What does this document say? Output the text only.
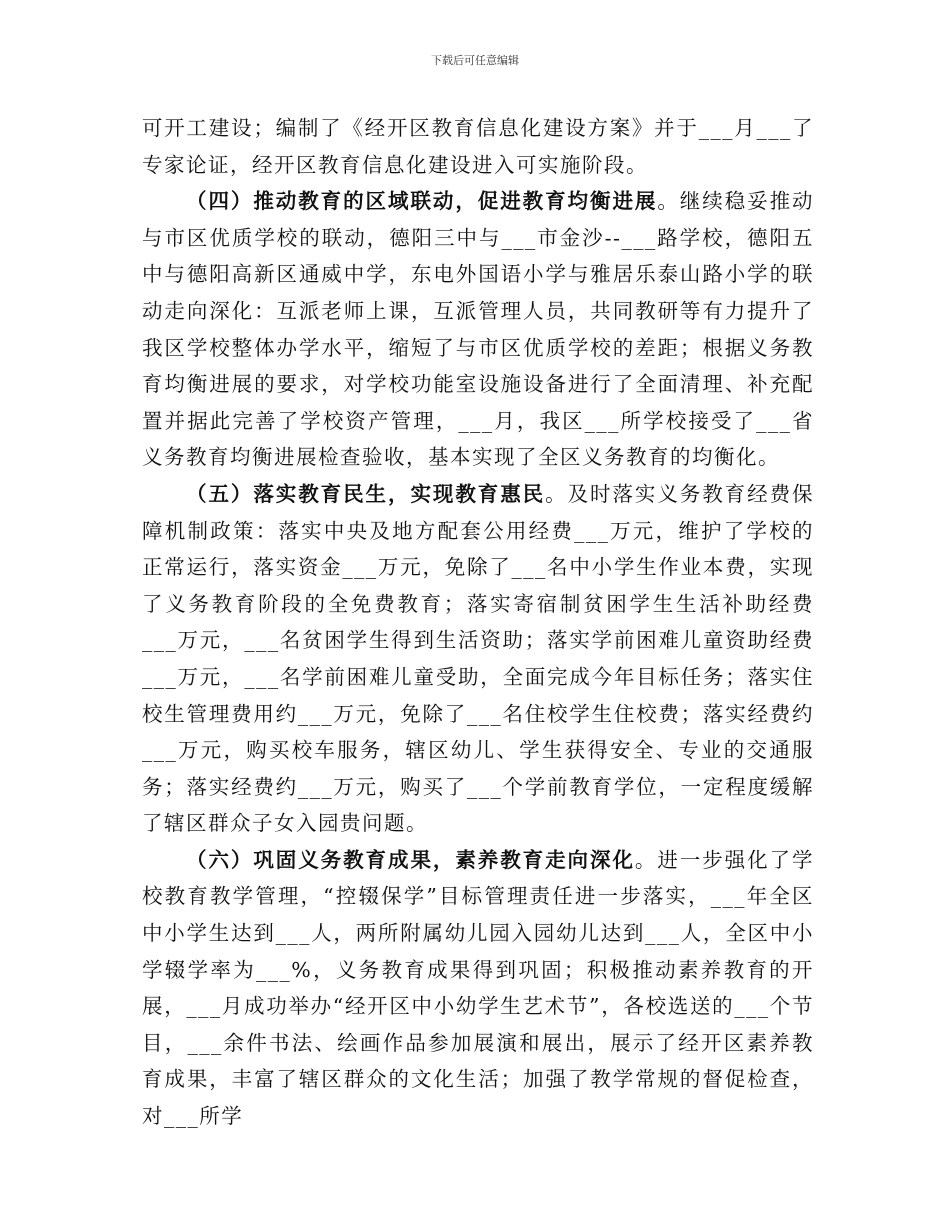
下载后可任意编辑

可开工建设；编制了《经开区教育信息化建设方案》并于___月___了专家论证，经开区教育信息化建设进入可实施阶段。

（四）推动教育的区域联动，促进教育均衡进展。继续稳妥推动与市区优质学校的联动，德阳三中与___市金沙--___路学校，德阳五中与德阳高新区通威中学，东电外国语小学与雅居乐泰山路小学的联动走向深化：互派老师上课，互派管理人员，共同教研等有力提升了我区学校整体办学水平，缩短了与市区优质学校的差距；根据义务教育均衡进展的要求，对学校功能室设施设备进行了全面清理、补充配置并据此完善了学校资产管理，___月，我区___所学校接受了___省义务教育均衡进展检查验收，基本实现了全区义务教育的均衡化。

（五）落实教育民生，实现教育惠民。及时落实义务教育经费保障机制政策：落实中央及地方配套公用经费___万元，维护了学校的正常运行，落实资金___万元，免除了___名中小学生作业本费，实现了义务教育阶段的全免费教育；落实寄宿制贫困学生生活补助经费___万元，___名贫困学生得到生活资助；落实学前困难儿童资助经费___万元，___名学前困难儿童受助，全面完成今年目标任务；落实住校生管理费用约___万元，免除了___名住校学生住校费；落实经费约___万元，购买校车服务，辖区幼儿、学生获得安全、专业的交通服务；落实经费约___万元，购买了___个学前教育学位，一定程度缓解了辖区群众子女入园贵问题。

（六）巩固义务教育成果，素养教育走向深化。进一步强化了学校教育教学管理，“控辍保学”目标管理责任进一步落实，___年全区中小学生达到___人，两所附属幼儿园入园幼儿达到___人，全区中小学辍学率为___%，义务教育成果得到巩固；积极推动素养教育的开展，___月成功举办“经开区中小幼学生艺术节”，各校选送的___个节目，___余件书法、绘画作品参加展演和展出，展示了经开区素养教育成果，丰富了辖区群众的文化生活；加强了教学常规的督促检查，对___所学
